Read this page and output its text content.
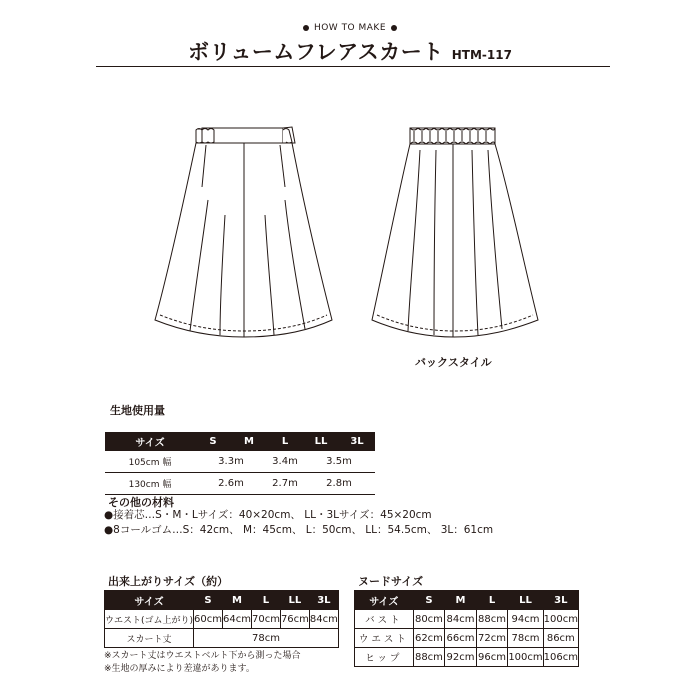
HOW TO MAKE
ボリュームフレアスカート HTM-117
バックスタイル
生地使用量
サイズ	S	M	L	LL	3L
105cm 幅	3.3m		3.4m	3.5m	
130cm 幅	2.6m		2.7m	2.8m	
その他の材料
●接着芯…S・M・Lサイズ：40×20cm、 LL・3Lサイズ：45×20cm
●8コールゴム…S：42cm、 M：45cm、 L：50cm、 LL：54.5cm、 3L：61cm
出来上がりサイズ（約）
サイズ	S	M	L	LL	3L
ウエスト(ゴム上がり)	60cm	64cm	70cm	76cm	84cm
スカート丈	78cm				
ヌードサイズ
サイズ	S	M	L	LL	3L
バスト	80cm	84cm	88cm	94cm	100cm
ウエスト	62cm	66cm	72cm	78cm	86cm
ヒップ	88cm	92cm	96cm	100cm	106cm
※スカート丈はウエストベルト下から測った場合
※生地の厚みにより差違があります。
